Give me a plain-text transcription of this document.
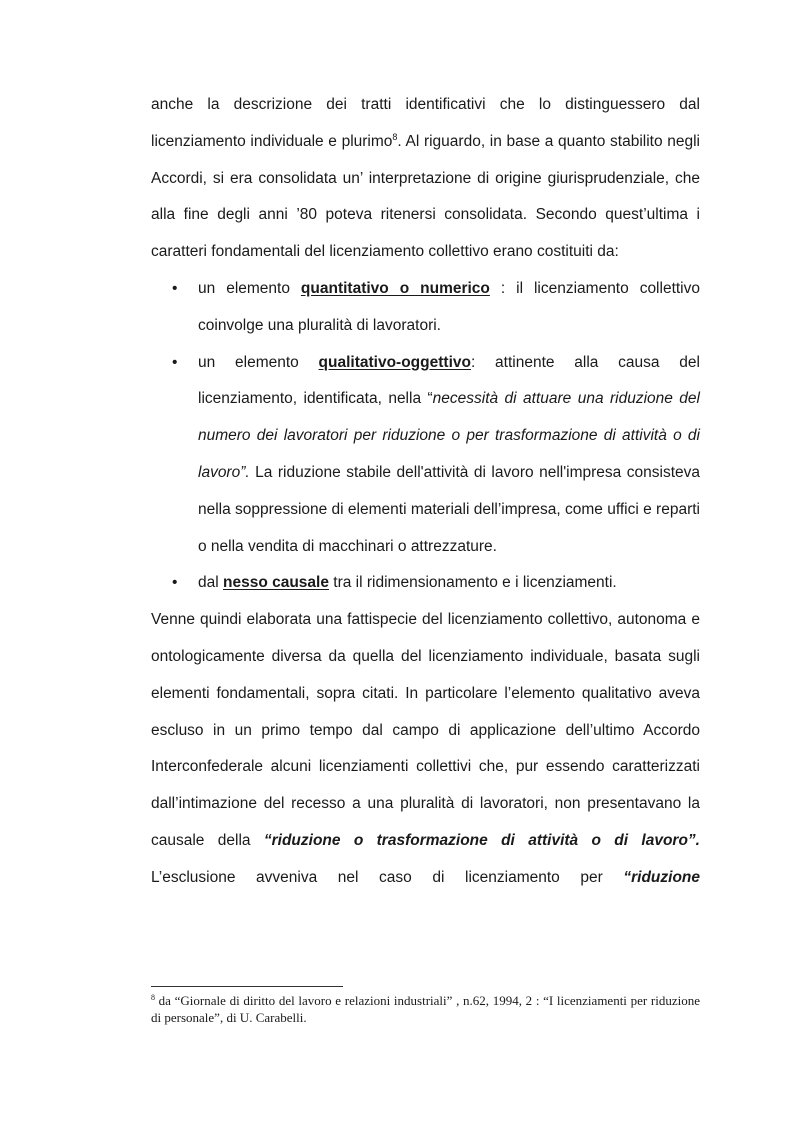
anche la descrizione dei tratti identificativi che lo distinguessero dal licenziamento individuale e plurimo$^8$. Al riguardo, in base a quanto stabilito negli Accordi, si era consolidata un’ interpretazione di origine giurisprudenziale, che alla fine degli anni ’80 poteva ritenersi consolidata. Secondo quest’ultima i caratteri fondamentali del licenziamento collettivo erano costituiti da:

• un elemento quantitativo o numerico : il licenziamento collettivo coinvolge una pluralità di lavoratori.
• un elemento qualitativo-oggettivo: attinente alla causa del licenziamento, identificata, nella “necessità di attuare una riduzione del numero dei lavoratori per riduzione o per trasformazione di attività o di lavoro”. La riduzione stabile dell'attività di lavoro nell'impresa consisteva nella soppressione di elementi materiali dell’impresa, come uffici e reparti o nella vendita di macchinari o attrezzature.
• dal nesso causale tra il ridimensionamento e i licenziamenti.

Venne quindi elaborata una fattispecie del licenziamento collettivo, autonoma e ontologicamente diversa da quella del licenziamento individuale, basata sugli elementi fondamentali, sopra citati. In particolare l’elemento qualitativo aveva escluso in un primo tempo dal campo di applicazione dell’ultimo Accordo Interconfederale alcuni licenziamenti collettivi che, pur essendo caratterizzati dall’intimazione del recesso a una pluralità di lavoratori, non presentavano la causale della “riduzione o trasformazione di attività o di lavoro”. L’esclusione avveniva nel caso di licenziamento per “riduzione

$^8$ da “Giornale di diritto del lavoro e relazioni industriali” , n.62, 1994, 2 : “I licenziamenti per riduzione di personale”, di U. Carabelli.
